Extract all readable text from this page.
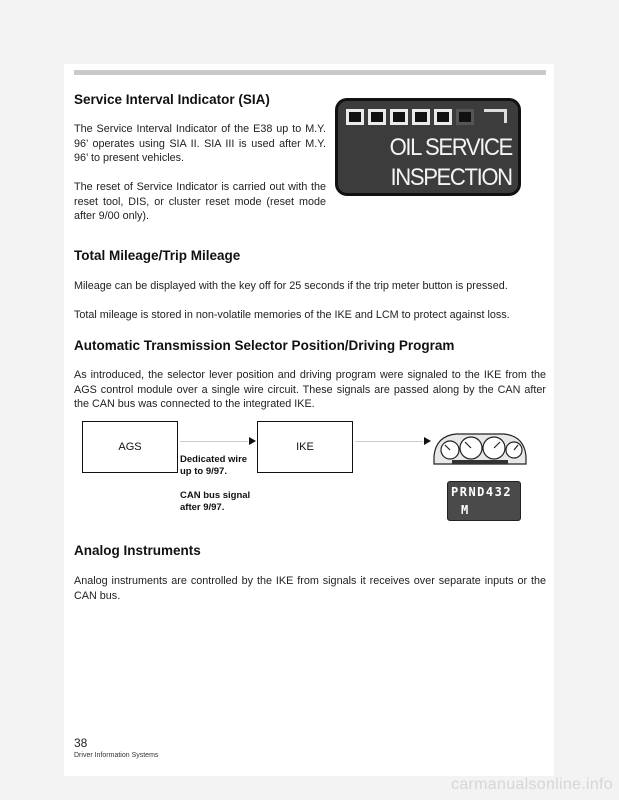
Service Interval Indicator (SIA)
The Service Interval Indicator of the E38 up to M.Y. 96’ operates using SIA II. SIA III is used after M.Y. 96’ to present vehicles.
The reset of Service Indicator is carried out with the reset tool, DIS, or cluster reset mode (reset mode after 9/00 only).
OIL SERVICE
INSPECTION
Total Mileage/Trip Mileage
Mileage can be displayed with the key off for 25 seconds if the trip meter button is pressed.
Total mileage is stored in non-volatile memories of the IKE and LCM to protect against loss.
Automatic Transmission Selector Position/Driving Program
As introduced, the selector lever position and driving program were signaled to the IKE from the AGS control module over a single wire circuit. These signals are passed along by the CAN after the CAN bus was connected to the integrated IKE.
AGS	IKE
Dedicated wire
up to 9/97.
CAN bus signal
after 9/97.
PRND432
M
Analog Instruments
Analog instruments are controlled by the IKE from signals it receives over separate inputs or the CAN bus.
38
Driver Information Systems
carmanualsonline.info
